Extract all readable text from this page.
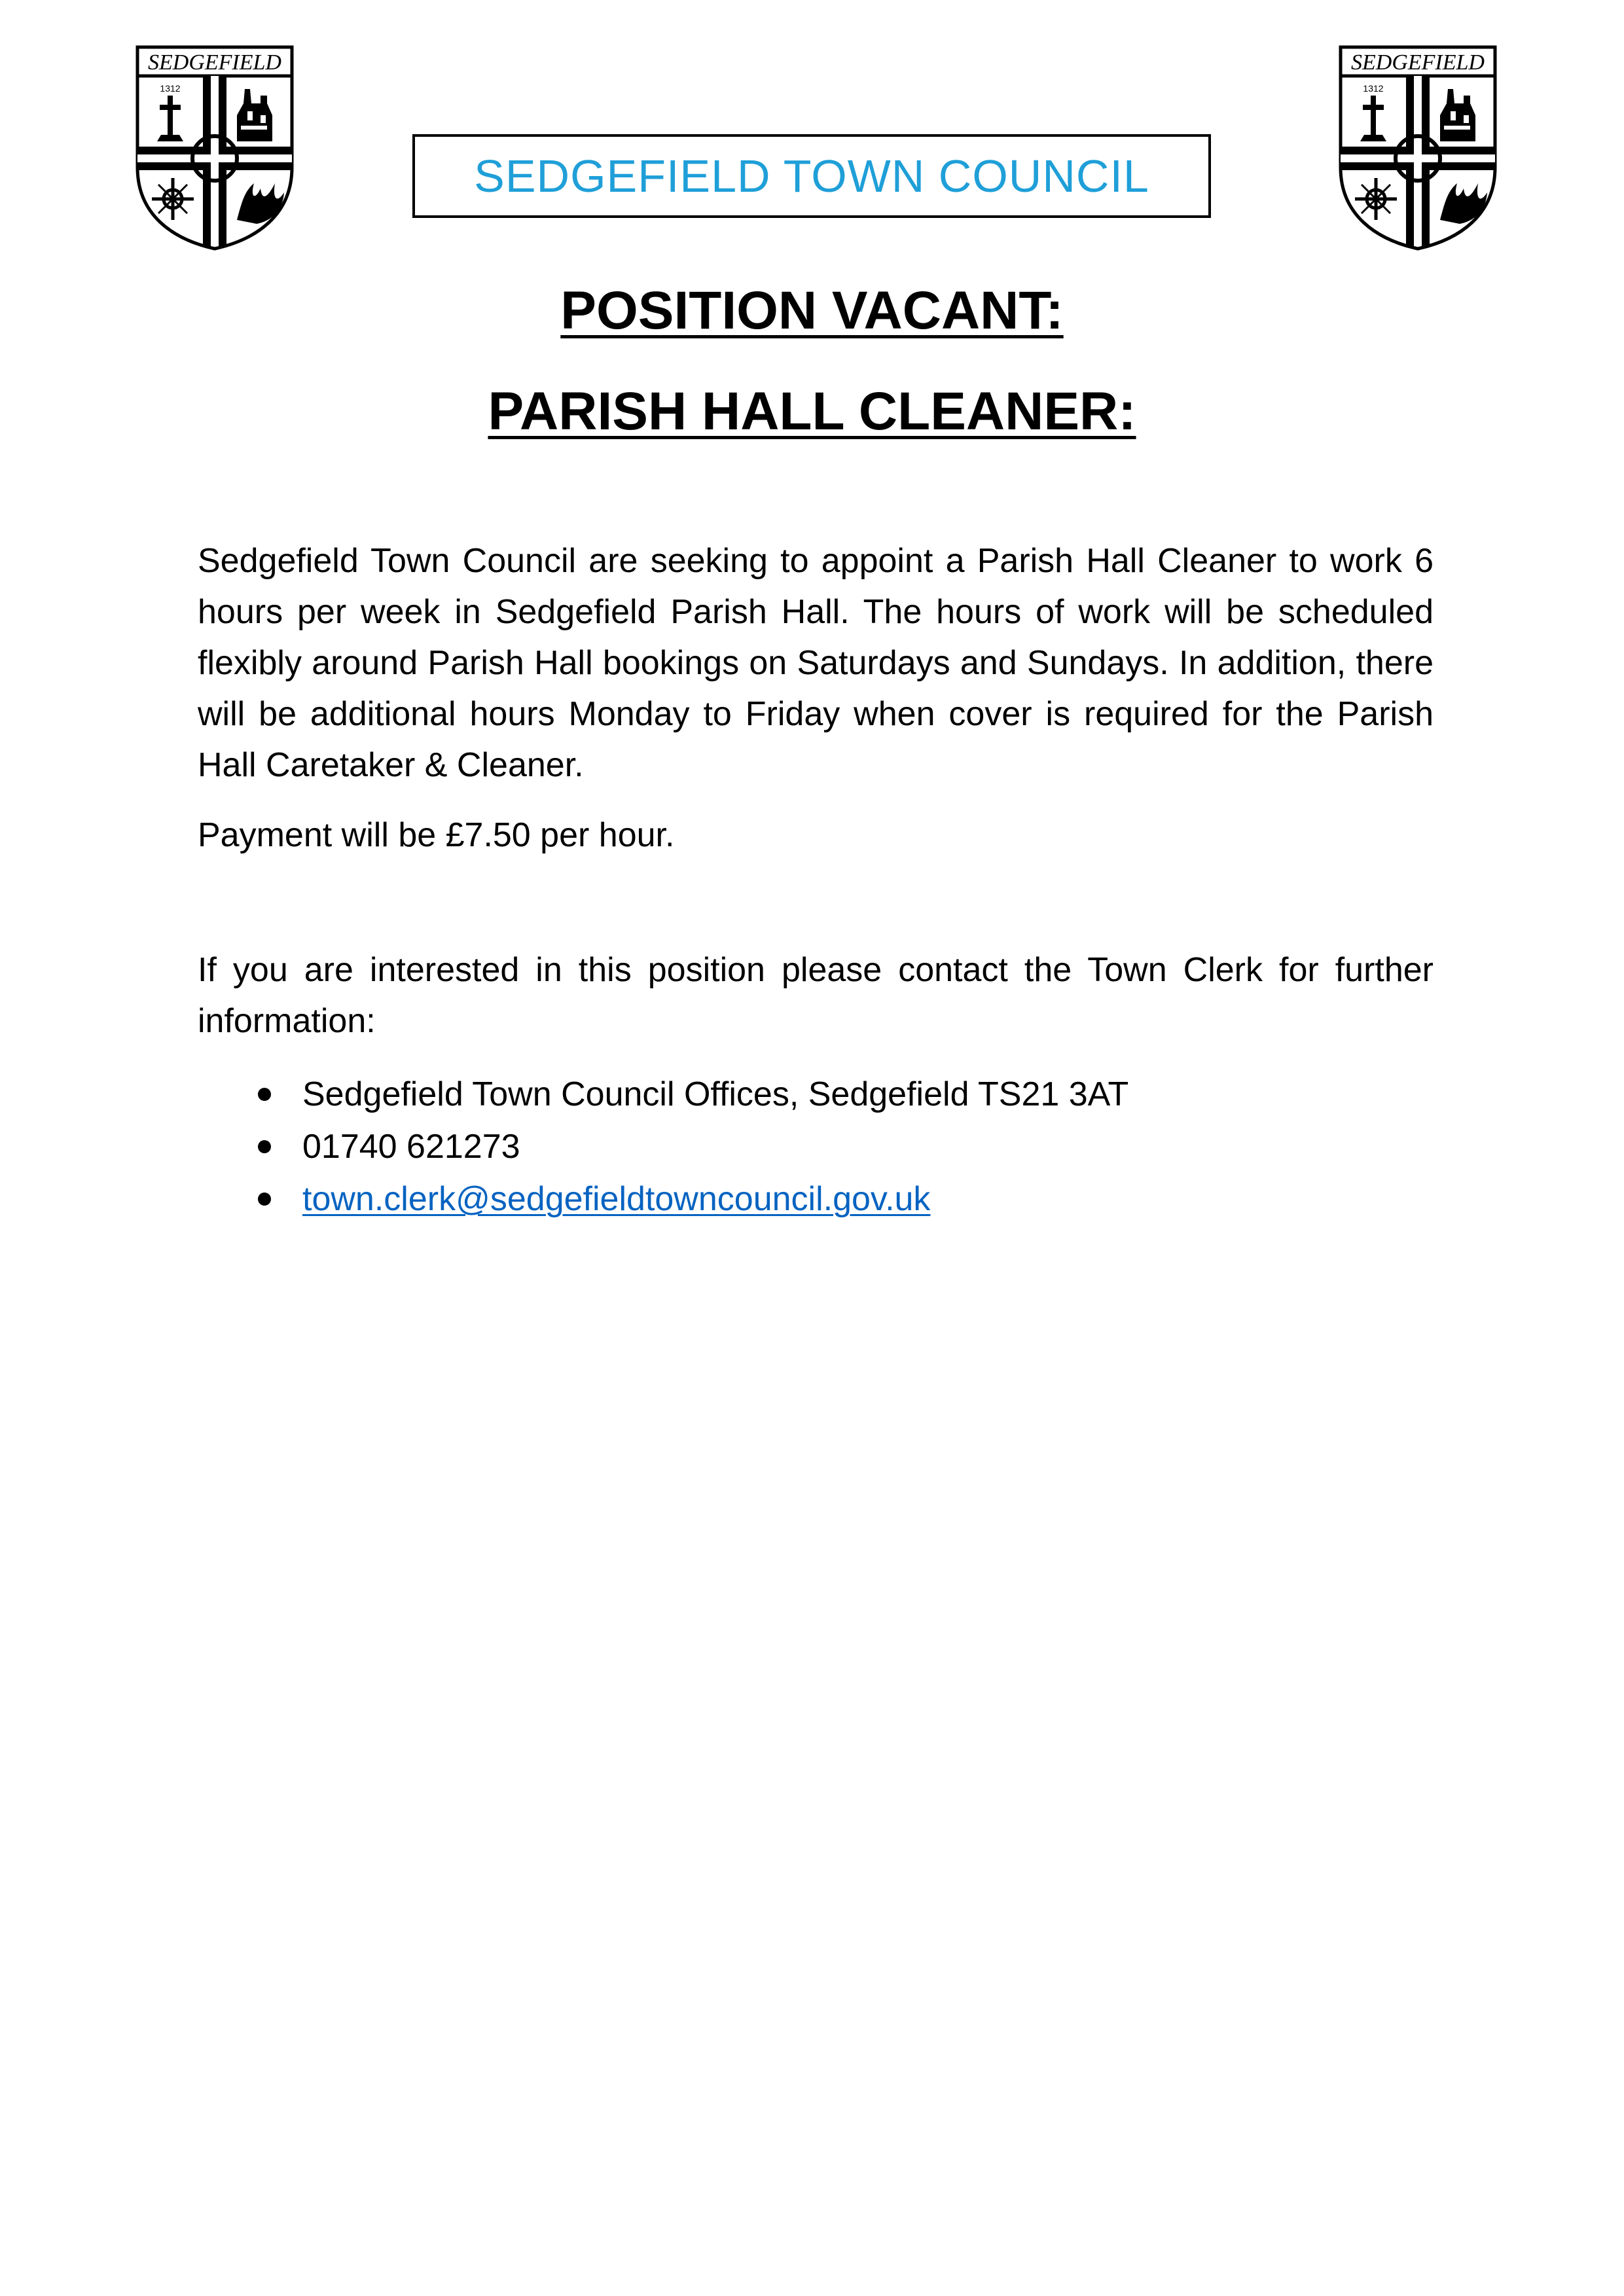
SEDGEFIELD
1312
SEDGEFIELD
1312
SEDGEFIELD TOWN COUNCIL
POSITION VACANT:
PARISH HALL CLEANER:

Sedgefield Town Council are seeking to appoint a Parish Hall Cleaner to work 6 hours per week in Sedgefield Parish Hall. The hours of work will be scheduled flexibly around Parish Hall bookings on Saturdays and Sundays. In addition, there will be additional hours Monday to Friday when cover is required for the Parish Hall Caretaker & Cleaner.

Payment will be £7.50 per hour.

If you are interested in this position please contact the Town Clerk for further information:

Sedgefield Town Council Offices, Sedgefield TS21 3AT
01740 621273
town.clerk@sedgefieldtowncouncil.gov.uk
